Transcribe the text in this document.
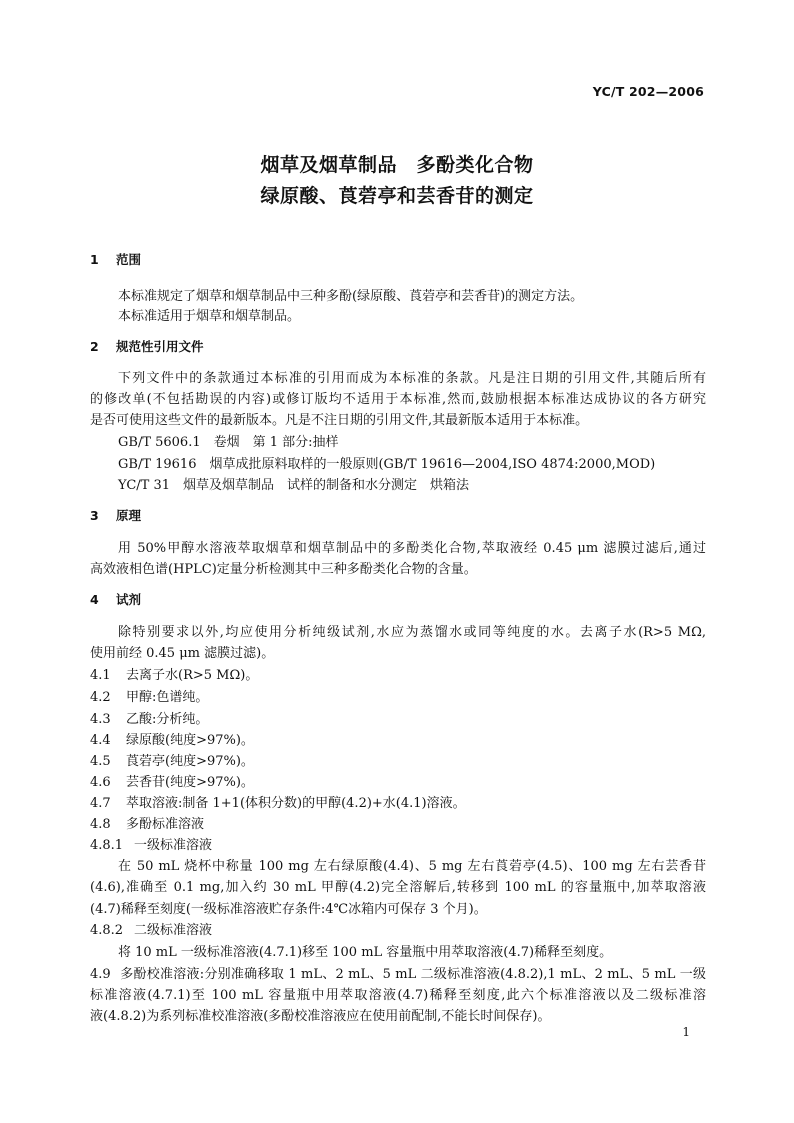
YC/T 202—2006
烟草及烟草制品　多酚类化合物
绿原酸、莨菪亭和芸香苷的测定
1 范围
本标准规定了烟草和烟草制品中三种多酚(绿原酸、莨菪亭和芸香苷)的测定方法。
本标准适用于烟草和烟草制品。
2 规范性引用文件
下列文件中的条款通过本标准的引用而成为本标准的条款。凡是注日期的引用文件,其随后所有
的修改单(不包括勘误的内容)或修订版均不适用于本标准,然而,鼓励根据本标准达成协议的各方研究
是否可使用这些文件的最新版本。凡是不注日期的引用文件,其最新版本适用于本标准。
GB/T 5606.1　卷烟　第 1 部分:抽样
GB/T 19616　烟草成批原料取样的一般原则(GB/T 19616—2004,ISO 4874:2000,MOD)
YC/T 31　烟草及烟草制品　试样的制备和水分测定　烘箱法
3 原理
用 50%甲醇水溶液萃取烟草和烟草制品中的多酚类化合物,萃取液经 0.45 μm 滤膜过滤后,通过
高效液相色谱(HPLC)定量分析检测其中三种多酚类化合物的含量。
4 试剂
除特别要求以外,均应使用分析纯级试剂,水应为蒸馏水或同等纯度的水。去离子水(R>5 MΩ,
使用前经 0.45 μm 滤膜过滤)。
4.1 去离子水(R>5 MΩ)。
4.2 甲醇:色谱纯。
4.3 乙酸:分析纯。
4.4 绿原酸(纯度>97%)。
4.5 莨菪亭(纯度>97%)。
4.6 芸香苷(纯度>97%)。
4.7 萃取溶液:制备 1+1(体积分数)的甲醇(4.2)+水(4.1)溶液。
4.8 多酚标准溶液
4.8.1 一级标准溶液
在 50 mL 烧杯中称量 100 mg 左右绿原酸(4.4)、5 mg 左右莨菪亭(4.5)、100 mg 左右芸香苷
(4.6),准确至 0.1 mg,加入约 30 mL 甲醇(4.2)完全溶解后,转移到 100 mL 的容量瓶中,加萃取溶液
(4.7)稀释至刻度(一级标准溶液贮存条件:4℃冰箱内可保存 3 个月)。
4.8.2 二级标准溶液
将 10 mL 一级标准溶液(4.7.1)移至 100 mL 容量瓶中用萃取溶液(4.7)稀释至刻度。
4.9 多酚校准溶液:分别准确移取 1 mL、2 mL、5 mL 二级标准溶液(4.8.2),1 mL、2 mL、5 mL 一级
标准溶液(4.7.1)至 100 mL 容量瓶中用萃取溶液(4.7)稀释至刻度,此六个标准溶液以及二级标准溶
液(4.8.2)为系列标准校准溶液(多酚校准溶液应在使用前配制,不能长时间保存)。
1
